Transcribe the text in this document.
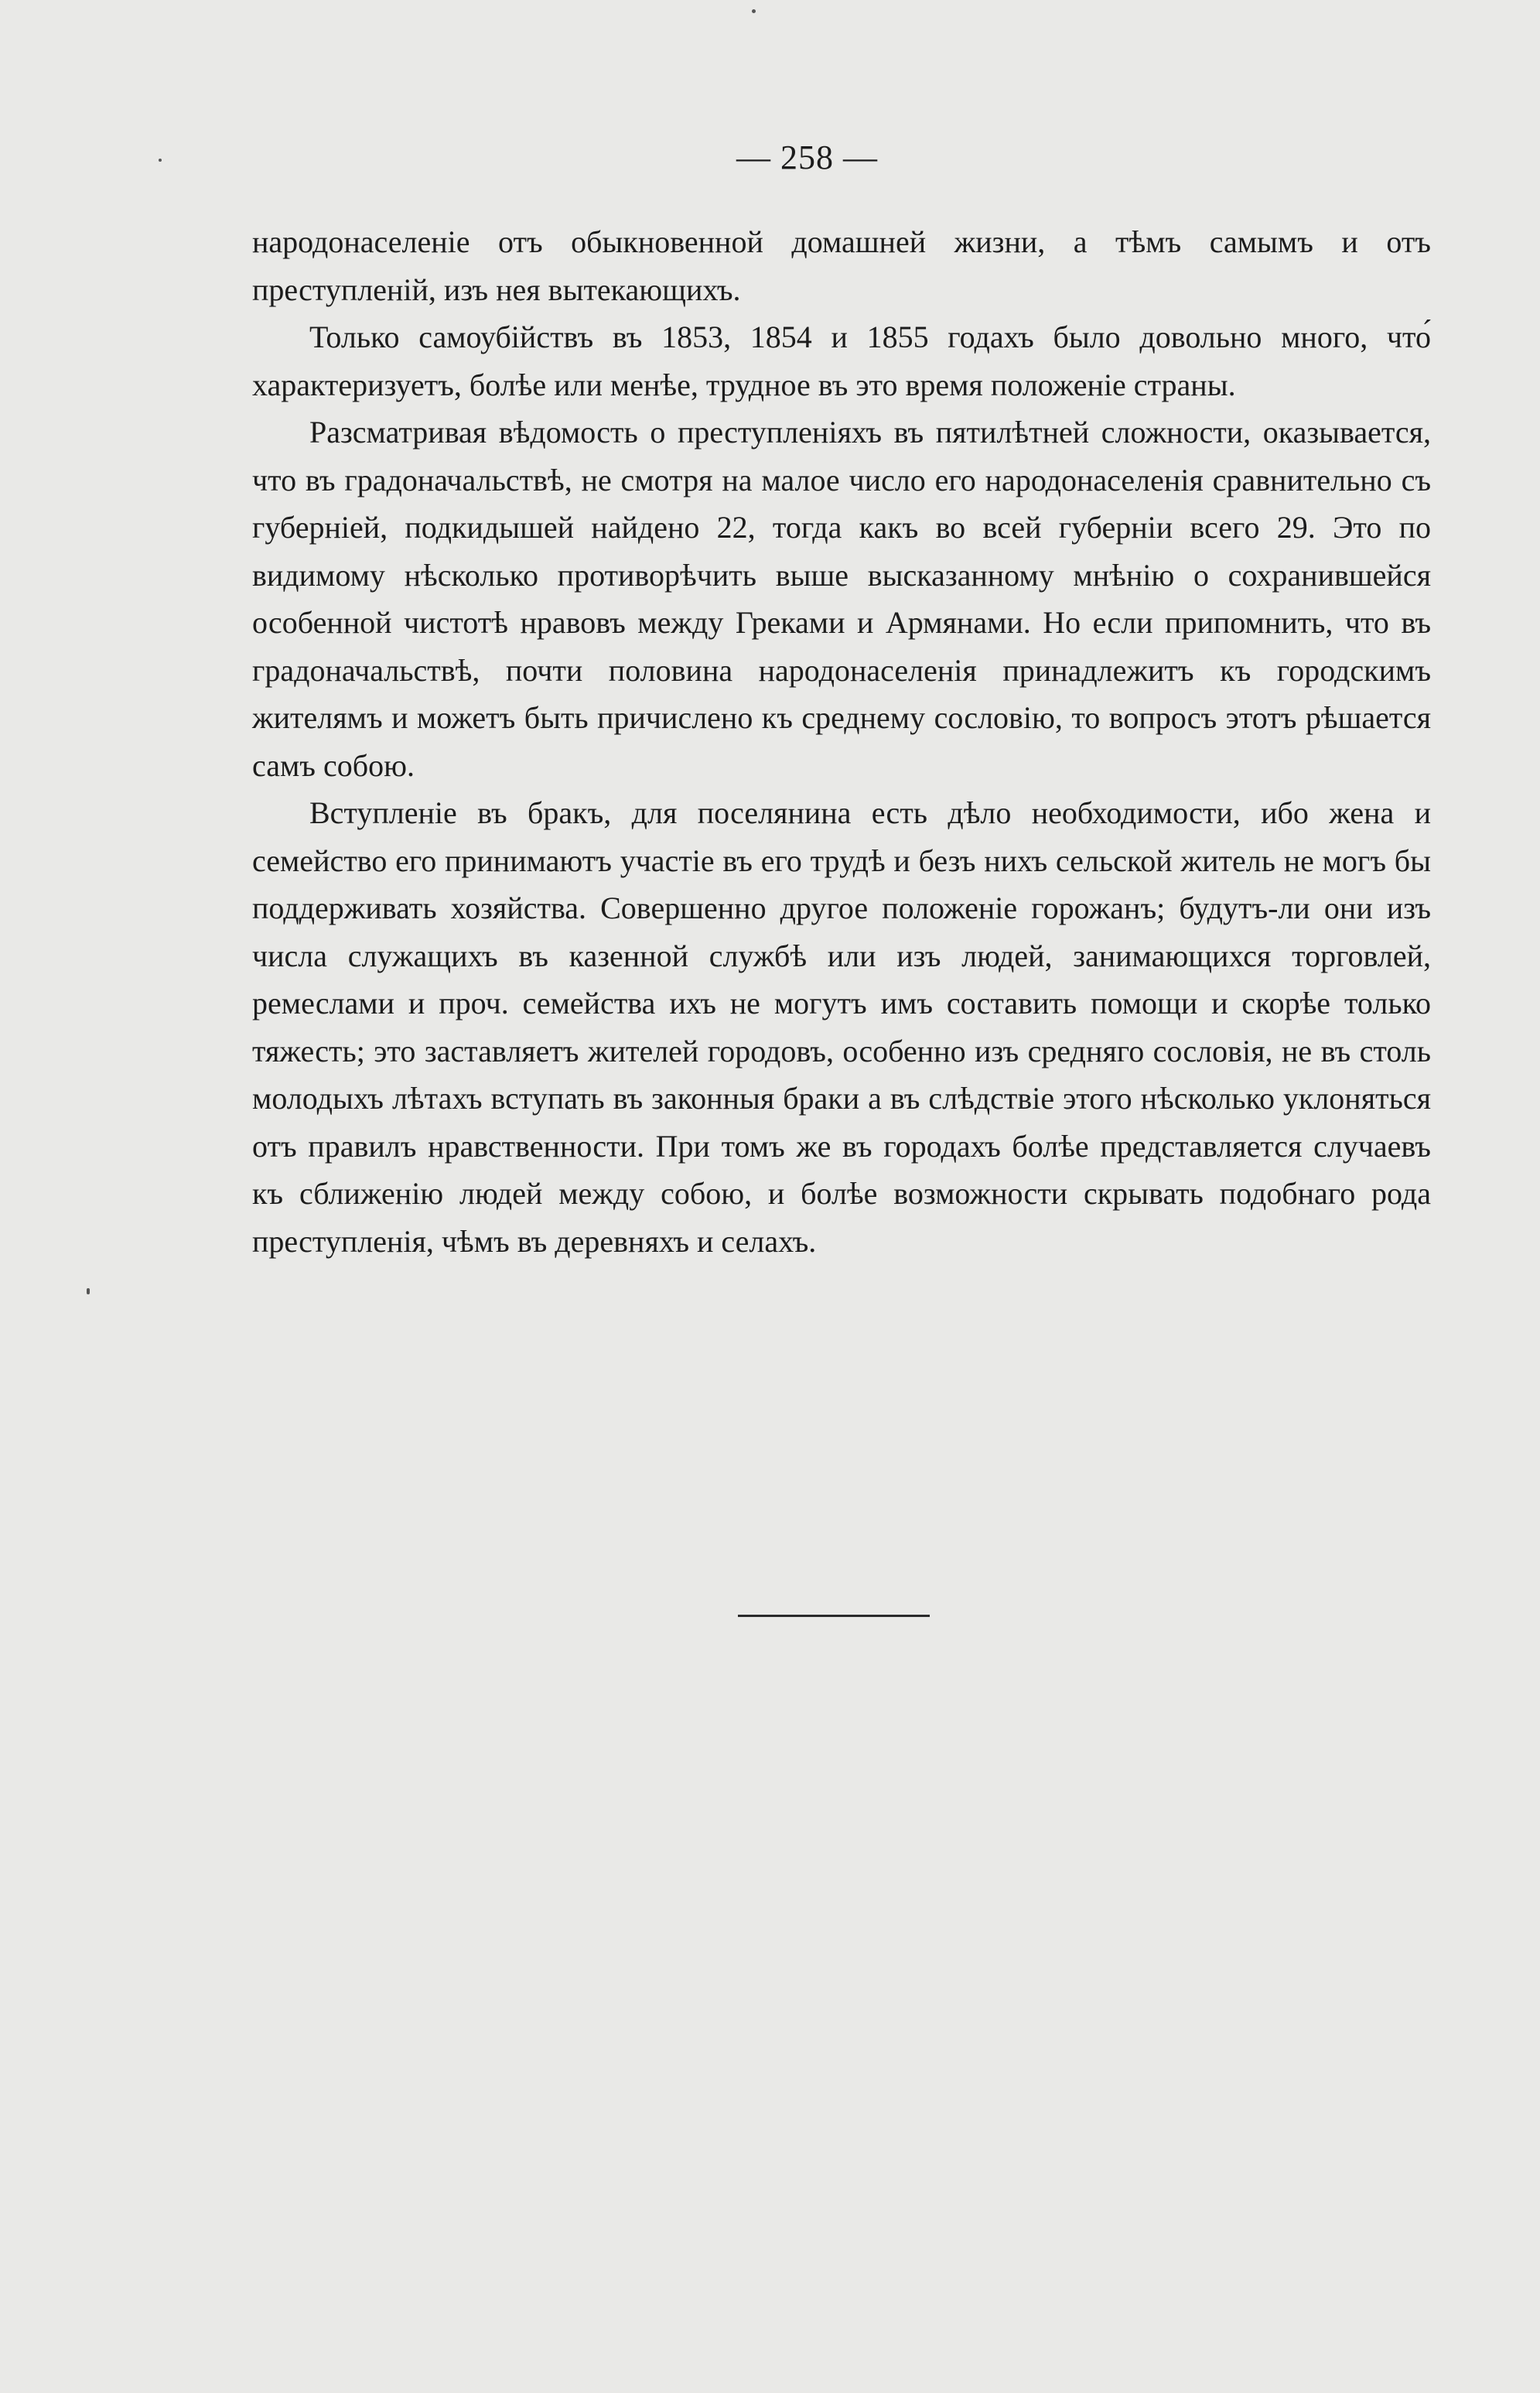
— 258 —

народонаселеніе отъ обыкновенной домашней жизни, а тѣмъ самымъ и отъ преступленій, изъ нея вытекающихъ.

Только самоубійствъ въ 1853, 1854 и 1855 годахъ было довольно много, что́ характеризуетъ, болѣе или менѣе, трудное въ это время положеніе страны.

Разсматривая вѣдомость о преступленіяхъ въ пятилѣтней сложности, оказывается, что въ градоначальствѣ, не смотря на малое число его народонаселенія сравнительно съ губерніей, подкидышей найдено 22, тогда какъ во всей губерніи всего 29. Это по видимому нѣсколько противорѣчить выше высказанному мнѣнію о сохранившейся особенной чистотѣ нравовъ между Греками и Армянами. Но если припомнить, что въ градоначальствѣ, почти половина народонаселенія принадлежитъ къ городскимъ жителямъ и можетъ быть причислено къ среднему сословію, то вопросъ этотъ рѣшается самъ собою.

Вступленіе въ бракъ, для поселянина есть дѣло необходимости, ибо жена и семейство его принимаютъ участіе въ его трудѣ и безъ нихъ сельской житель не могъ бы поддерживать хозяйства. Совершенно другое положеніе горожанъ; будутъ-ли они изъ числа служащихъ въ казенной службѣ или изъ людей, занимающихся торговлей, ремеслами и проч. семейства ихъ не могутъ имъ составить помощи и скорѣе только тяжесть; это заставляетъ жителей городовъ, особенно изъ средняго сословія, не въ столь молодыхъ лѣтахъ вступать въ законныя браки а въ слѣдствіе этого нѣсколько уклоняться отъ правилъ нравственности. При томъ же въ городахъ болѣе представляется случаевъ къ сближенію людей между собою, и болѣе возможности скрывать подобнаго рода преступленія, чѣмъ въ деревняхъ и селахъ.
